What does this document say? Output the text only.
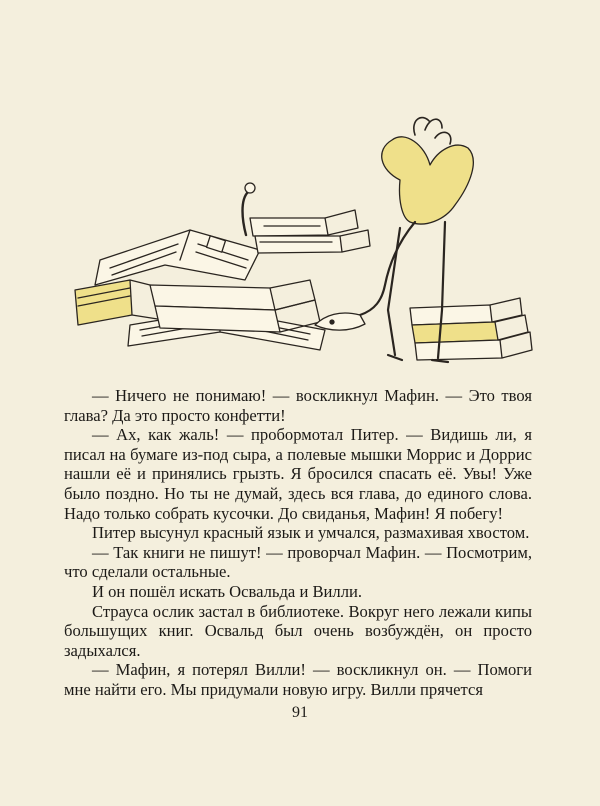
— Ничего не понимаю! — воскликнул Мафин. — Это твоя глава? Да это просто конфетти!

— Ах, как жаль! — пробормотал Питер. — Видишь ли, я писал на бумаге из-под сыра, а полевые мышки Моррис и Доррис нашли её и принялись грызть. Я бросился спасать её. Увы! Уже было поздно. Но ты не думай, здесь вся глава, до единого слова. Надо только собрать кусочки. До свиданья, Мафин! Я побегу!

Питер высунул красный язык и умчался, размахивая хвостом.

— Так книги не пишут! — проворчал Мафин. — Посмотрим, что сделали остальные.

И он пошёл искать Освальда и Вилли.

Страуса ослик застал в библиотеке. Вокруг него лежали кипы большущих книг. Освальд был очень возбуждён, он просто задыхался.

— Мафин, я потерял Вилли! — воскликнул он. — Помоги мне найти его. Мы придумали новую игру. Вилли прячется

91
